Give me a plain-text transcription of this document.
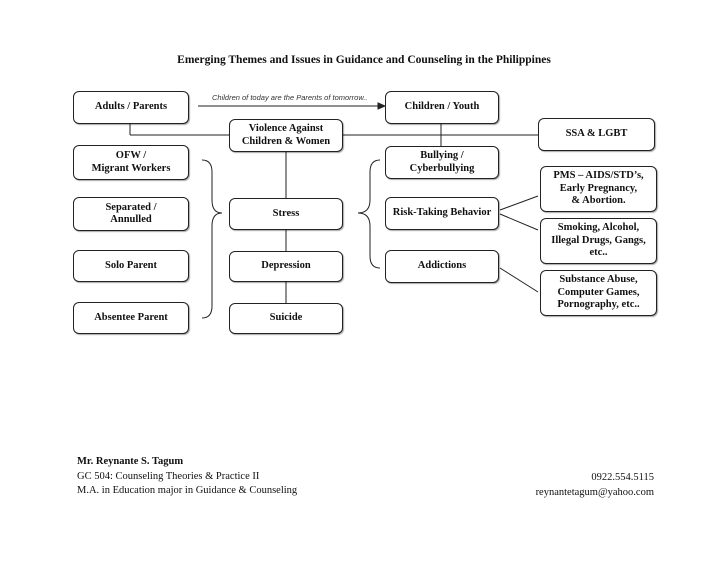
Emerging Themes and Issues in Guidance and Counseling in the Philippines
Children of today are the Parents of tomorrow..
Adults / Parents
OFW /
Migrant Workers
Separated /
Annulled
Solo Parent
Absentee Parent
Violence Against
Children & Women
Stress
Depression
Suicide
Children / Youth
Bullying /
Cyberbullying
Risk-Taking Behavior
Addictions
SSA & LGBT
PMS – AIDS/STD’s,
Early Pregnancy,
& Abortion.
Smoking, Alcohol,
Illegal Drugs, Gangs,
etc..
Substance Abuse,
Computer Games,
Pornography, etc..
Mr. Reynante S. Tagum
GC 504: Counseling Theories & Practice II
M.A. in Education major in Guidance & Counseling
0922.554.5115
reynantetagum@yahoo.com
